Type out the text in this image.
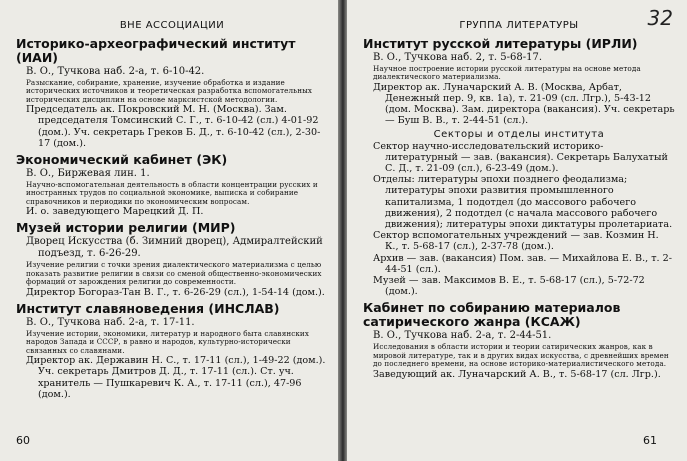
ВНЕ АССОЦИАЦИИ
Историко-археографический институт (ИАИ)
В. О., Тучкова наб. 2-а, т. 6-10-42.
Разыскание, собирание, хранение, изучение обработка и издание исторических источников и теоретическая разработка вспомогательных исторических дисциплин на основе марксистской методологии.
Председатель ак. Покровский М. Н. (Москва). Зам. председателя Томсинский С. Г., т. 6-10-42 (сл.) 4-01-92 (дом.). Уч. секретарь Греков Б. Д., т. 6-10-42 (сл.), 2-30-17 (дом.).
Экономический кабинет (ЭК)
В. О., Биржевая лин. 1.
Научно-вспомогательная деятельность в области концентрации русских и иностранных трудов по социальной экономике, выписка и собирание справочников и периодики по экономическим вопросам.
И. о. заведующего Марецкий Д. П.
Музей истории религии (МИР)
Дворец Искусства (б. Зимний дворец), Адмиралтейский подъезд, т. 6-26-29.
Изучение религии с точки зрения диалектического материализма с целью показать развитие религии в связи со сменой общественно-экономических формаций от зарождения религии до современности.
Директор Богораз-Тан В. Г., т. 6-26-29 (сл.), 1-54-14 (дом.).
Институт славяноведения (ИНСЛАВ)
В. О., Тучкова наб. 2-а, т. 17-11.
Изучение истории, экономики, литератур и народного быта славянских народов Запада и СССР, в равно и народов, культурно-исторически связанных со славянами.
Директор ак. Державин Н. С., т. 17-11 (сл.), 1-49-22 (дом.). Уч. секретарь Дмитров Д. Д., т. 17-11 (сл.). Ст. уч. хранитель — Пушкаревич К. А., т. 17-11 (сл.), 47-96 (дом.).
60
32
ГРУППА ЛИТЕРАТУРЫ
Институт русской литературы (ИРЛИ)
В. О., Тучкова наб. 2, т. 5-68-17.
Научное построение истории русской литературы на основе метода диалектического материализма.
Директор ак. Луначарский А. В. (Москва, Арбат, Денежный пер. 9, кв. 1а), т. 21-09 (сл. Лгр.), 5-43-12 (дом. Москва). Зам. директора (вакансия). Уч. секретарь — Буш В. В., т. 2-44-51 (сл.).
Секторы и отделы института
Сектор научно-исследовательский историко-литературный — зав. (вакансия). Секретарь Балухатый С. Д., т. 21-09 (сл.), 6-23-49 (дом.).
Отделы: литературы эпохи позднего феодализма; литературы эпохи развития промышленного капитализма, 1 подотдел (до массового рабочего движения), 2 подотдел (с начала массового рабочего движения); литературы эпохи диктатуры пролетариата.
Сектор вспомогательных учреждений — зав. Козмин Н. К., т. 5-68-17 (сл.), 2-37-78 (дом.).
Архив — зав. (вакансия) Пом. зав. — Михайлова Е. В., т. 2-44-51 (сл.).
Музей — зав. Максимов В. Е., т. 5-68-17 (сл.), 5-72-72 (дом.).
Кабинет по собиранию материалов сатирического жанра (КСАЖ)
В. О., Тучкова наб. 2-а, т. 2-44-51.
Исследования в области истории и теории сатирических жанров, как в мировой литературе, так и в других видах искусства, с древнейших времен до последнего времени, на основе историко-материалистического метода.
Заведующий ак. Луначарский А. В., т. 5-68-17 (сл. Лгр.).
61
